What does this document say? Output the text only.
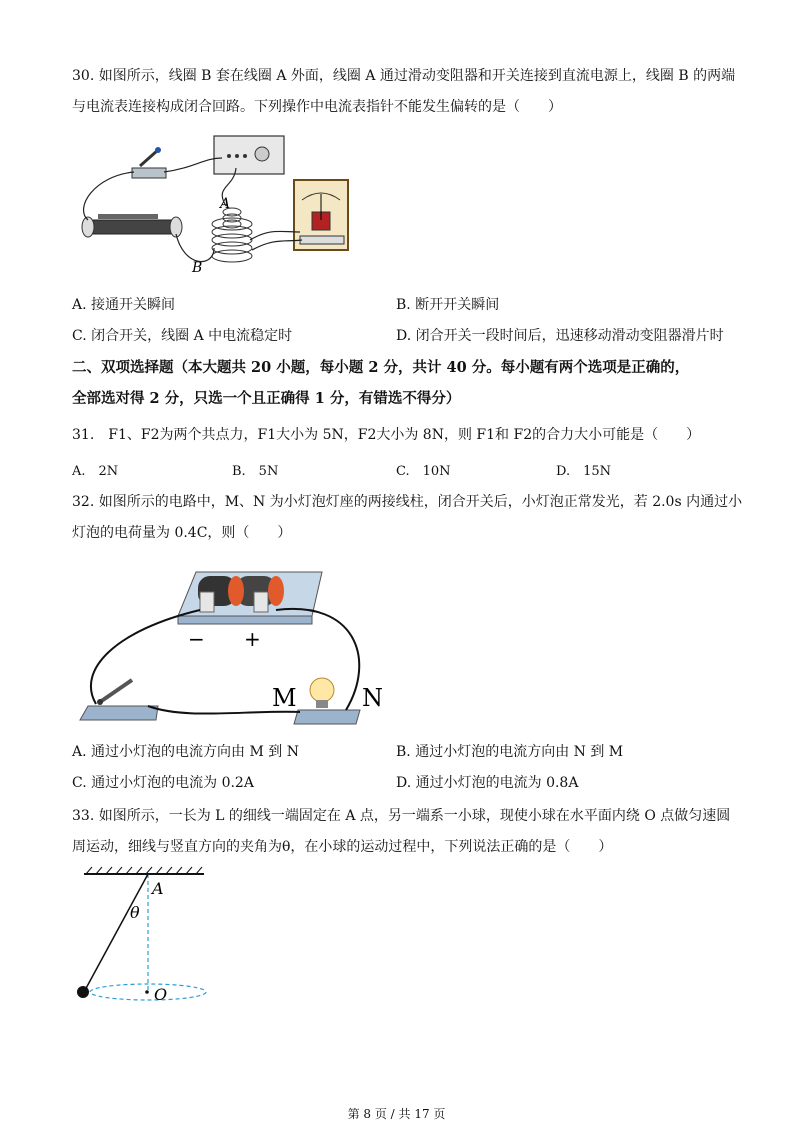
30. 如图所示，线圈 B 套在线圈 A 外面，线圈 A 通过滑动变阻器和开关连接到直流电源上，线圈 B 的两端
与电流表连接构成闭合回路。下列操作中电流表指针不能发生偏转的是（　　）
A
B
A. 接通开关瞬间	B. 断开开关瞬间
C. 闭合开关，线圈 A 中电流稳定时	D. 闭合开关一段时间后，迅速移动滑动变阻器滑片时
二、双项选择题（本大题共 20 小题，每小题 2 分，共计 40 分。每小题有两个选项是正确的，
全部选对得 2 分，只选一个且正确得 1 分，有错选不得分）
31.　F1、F2为两个共点力，F1大小为 5N，F2大小为 8N，则 F1和 F2的合力大小可能是（　　）
A.　2N	B.　5N	C.　10N	D.　15N
32. 如图所示的电路中，M、N 为小灯泡灯座的两接线柱，闭合开关后，小灯泡正常发光，若 2.0s 内通过小
灯泡的电荷量为 0.4C，则（　　）
− +
M	N
A. 通过小灯泡的电流方向由 M 到 N	B. 通过小灯泡的电流方向由 N 到 M
C. 通过小灯泡的电流为 0.2A	D. 通过小灯泡的电流为 0.8A
33. 如图所示，一长为 L 的细线一端固定在 A 点，另一端系一小球，现使小球在水平面内绕 O 点做匀速圆
周运动，细线与竖直方向的夹角为θ，在小球的运动过程中，下列说法正确的是（　　）
A
θ
O
第 8 页 / 共 17 页
